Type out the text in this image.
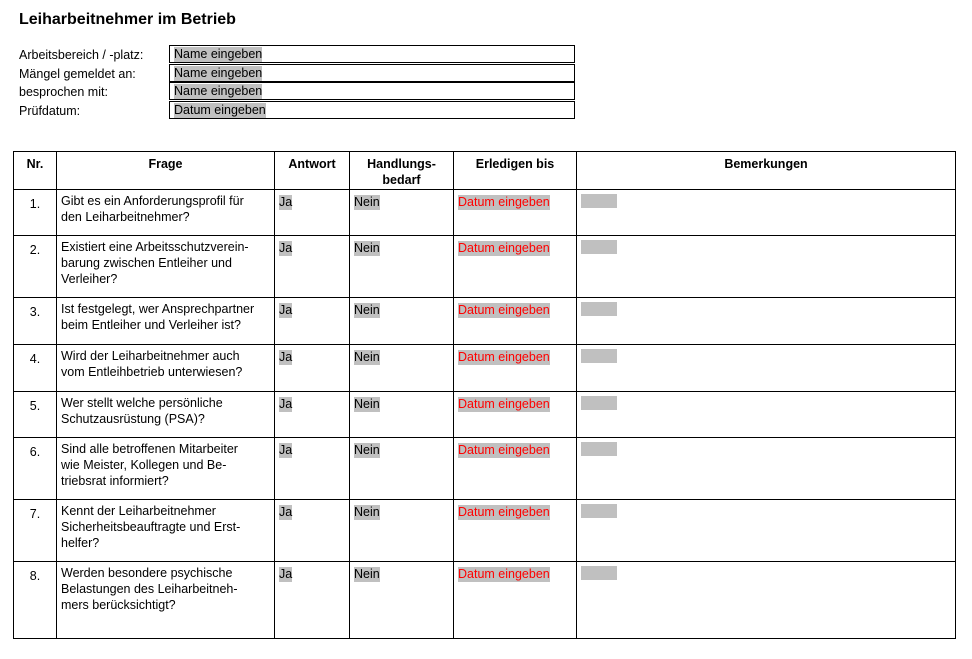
Leiharbeitnehmer im Betrieb
Arbeitsbereich / -platz:	Name eingeben
Mängel gemeldet an:	Name eingeben
besprochen mit:	Name eingeben
Prüfdatum:	Datum eingeben
Nr.	Frage	Antwort	Handlungs-
bedarf	Erledigen bis	Bemerkungen
1.	Gibt es ein Anforderungsprofil für
den Leiharbeitnehmer?	Ja	Nein	Datum eingeben	
2.	Existiert eine Arbeitsschutzverein-
barung zwischen Entleiher und
Verleiher?	Ja	Nein	Datum eingeben	
3.	Ist festgelegt, wer Ansprechpartner
beim Entleiher und Verleiher ist?	Ja	Nein	Datum eingeben	
4.	Wird der Leiharbeitnehmer auch
vom Entleihbetrieb unterwiesen?	Ja	Nein	Datum eingeben	
5.	Wer stellt welche persönliche
Schutzausrüstung (PSA)?	Ja	Nein	Datum eingeben	
6.	Sind alle betroffenen Mitarbeiter
wie Meister, Kollegen und Be-
triebsrat informiert?	Ja	Nein	Datum eingeben	
7.	Kennt der Leiharbeitnehmer
Sicherheitsbeauftragte und Erst-
helfer?	Ja	Nein	Datum eingeben	
8.	Werden besondere psychische
Belastungen des Leiharbeitneh-
mers berücksichtigt?	Ja	Nein	Datum eingeben	
